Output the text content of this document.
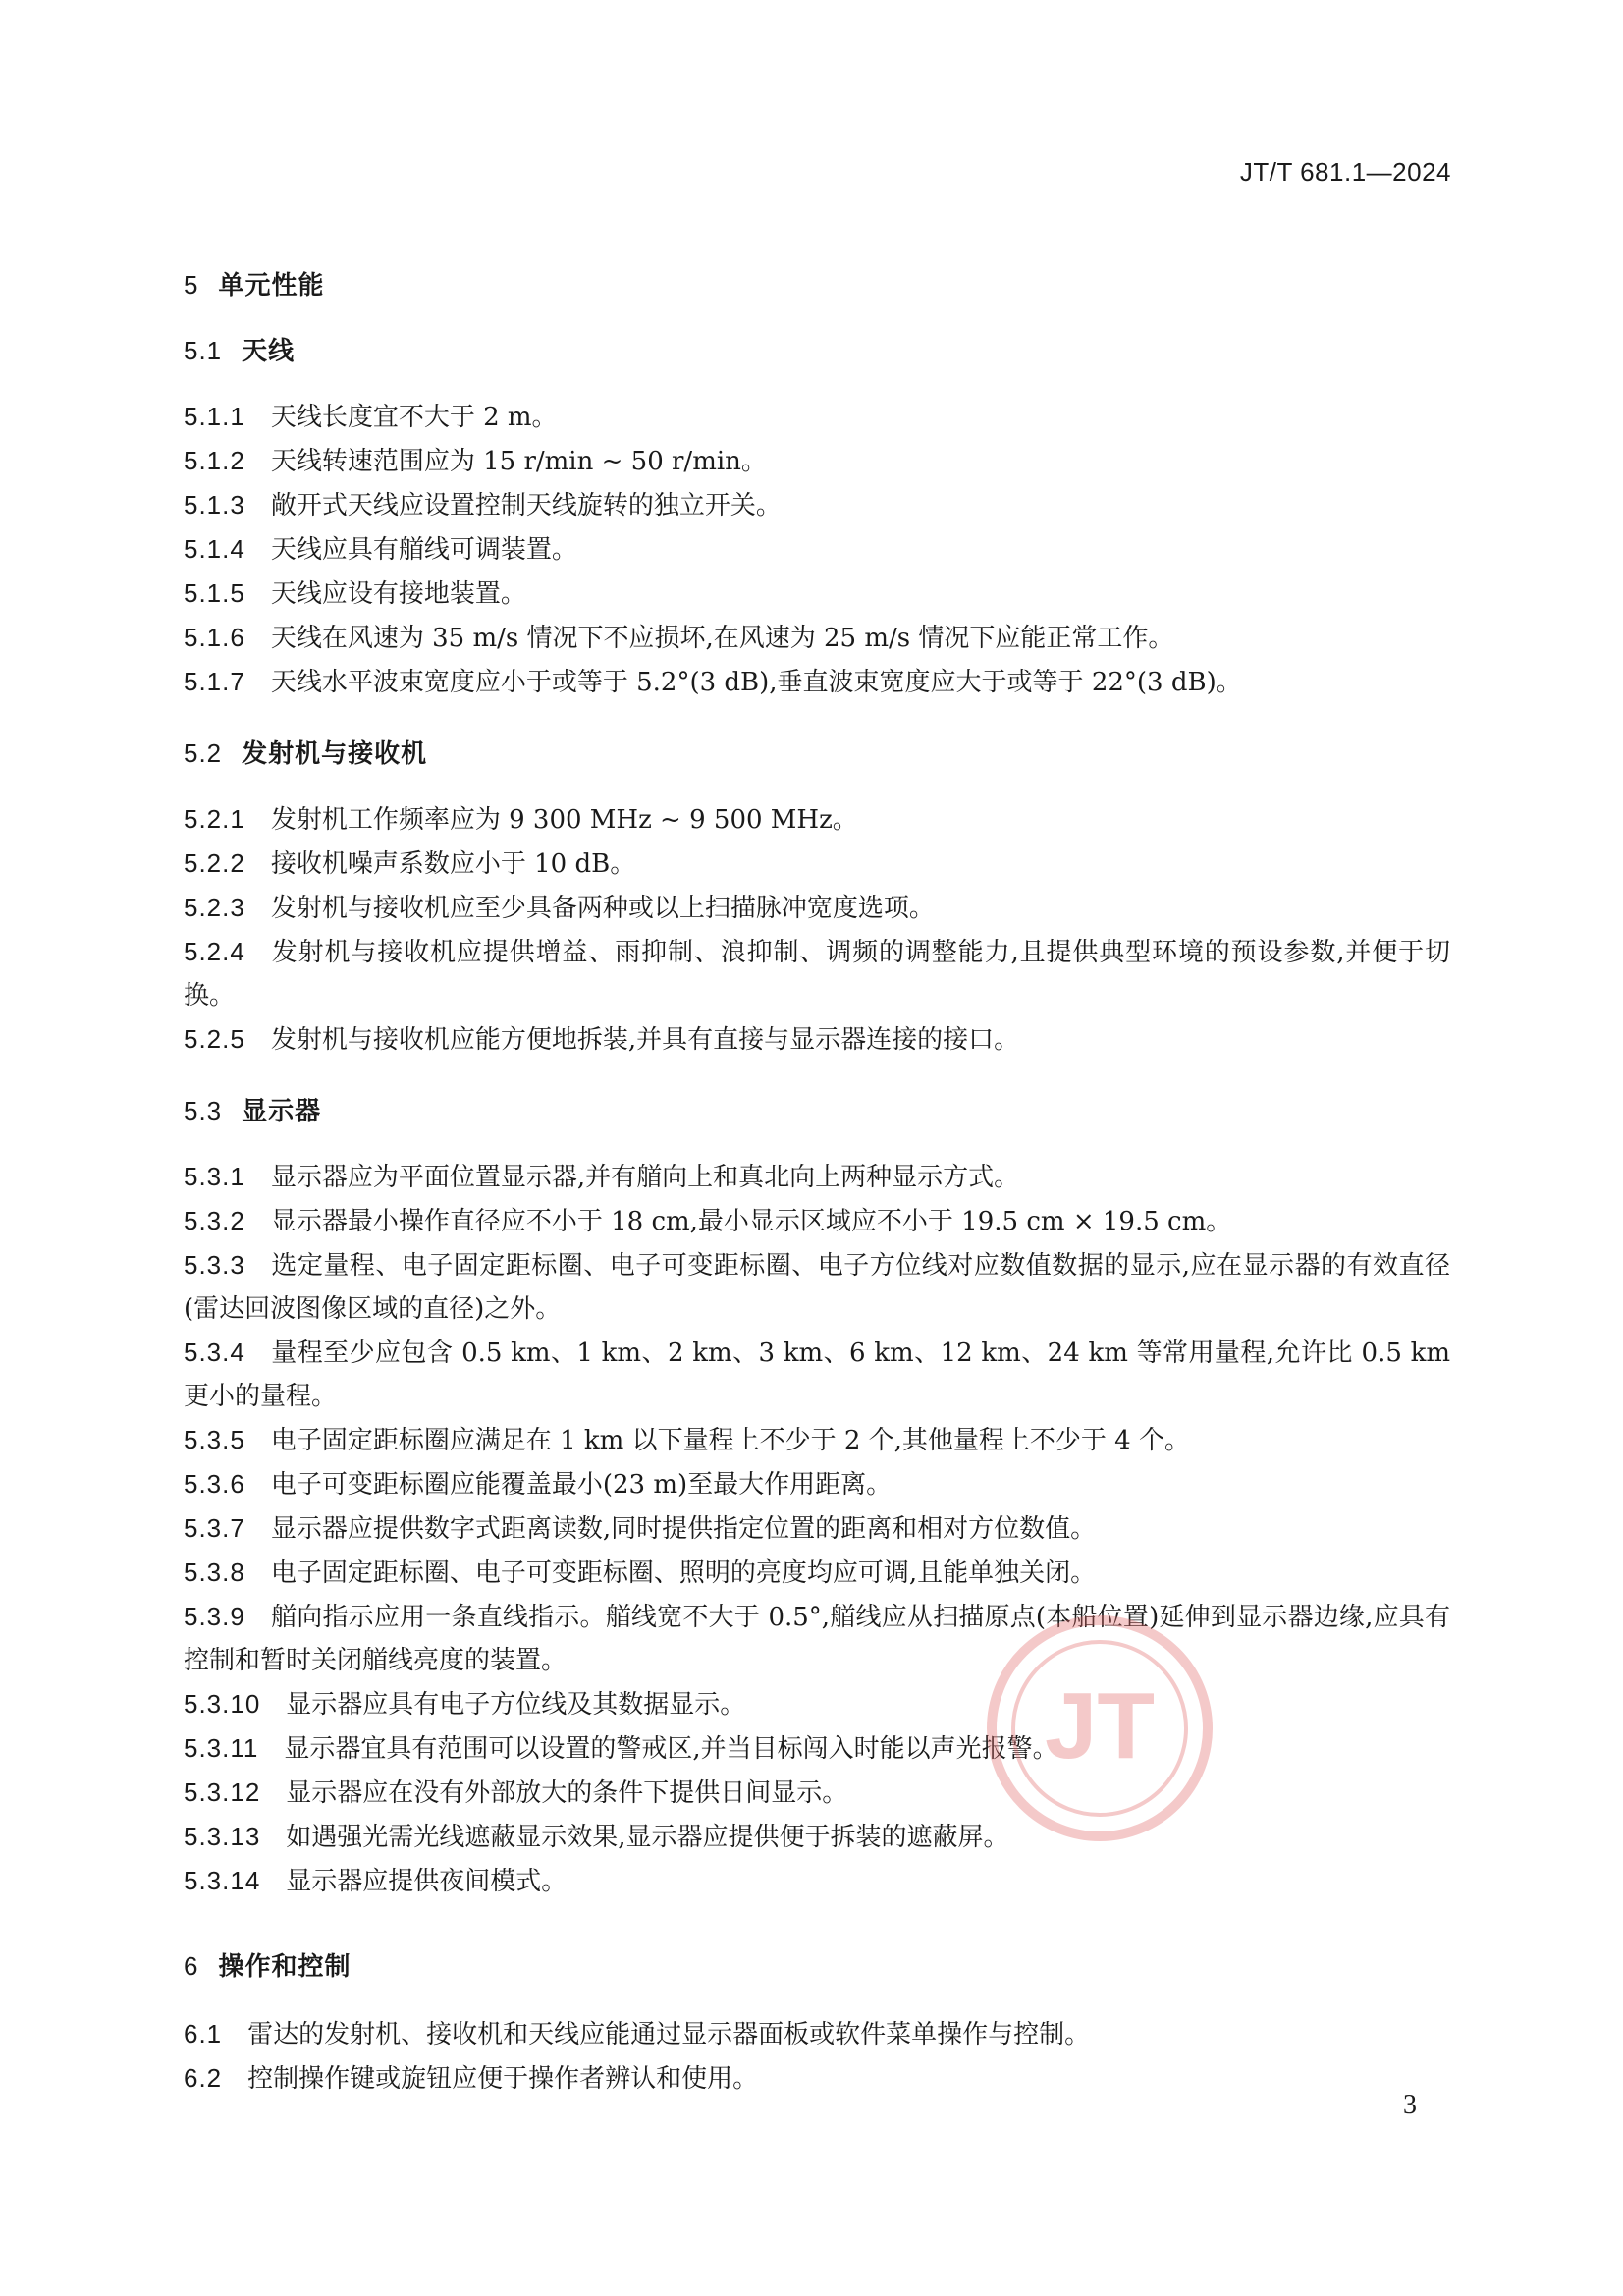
JT/T 681.1—2024
5 单元性能
5.1 天线
5.1.1 天线长度宜不大于 2 m。
5.1.2 天线转速范围应为 15 r/min ~ 50 r/min。
5.1.3 敞开式天线应设置控制天线旋转的独立开关。
5.1.4 天线应具有艏线可调装置。
5.1.5 天线应设有接地装置。
5.1.6 天线在风速为 35 m/s 情况下不应损坏,在风速为 25 m/s 情况下应能正常工作。
5.1.7 天线水平波束宽度应小于或等于 5.2°(3 dB),垂直波束宽度应大于或等于 22°(3 dB)。
5.2 发射机与接收机
5.2.1 发射机工作频率应为 9 300 MHz ~ 9 500 MHz。
5.2.2 接收机噪声系数应小于 10 dB。
5.2.3 发射机与接收机应至少具备两种或以上扫描脉冲宽度选项。
5.2.4 发射机与接收机应提供增益、雨抑制、浪抑制、调频的调整能力,且提供典型环境的预设参数,并便于切换。
5.2.5 发射机与接收机应能方便地拆装,并具有直接与显示器连接的接口。
5.3 显示器
5.3.1 显示器应为平面位置显示器,并有艏向上和真北向上两种显示方式。
5.3.2 显示器最小操作直径应不小于 18 cm,最小显示区域应不小于 19.5 cm × 19.5 cm。
5.3.3 选定量程、电子固定距标圈、电子可变距标圈、电子方位线对应数值数据的显示,应在显示器的有效直径(雷达回波图像区域的直径)之外。
5.3.4 量程至少应包含 0.5 km、1 km、2 km、3 km、6 km、12 km、24 km 等常用量程,允许比 0.5 km 更小的量程。
5.3.5 电子固定距标圈应满足在 1 km 以下量程上不少于 2 个,其他量程上不少于 4 个。
5.3.6 电子可变距标圈应能覆盖最小(23 m)至最大作用距离。
5.3.7 显示器应提供数字式距离读数,同时提供指定位置的距离和相对方位数值。
5.3.8 电子固定距标圈、电子可变距标圈、照明的亮度均应可调,且能单独关闭。
5.3.9 艏向指示应用一条直线指示。艏线宽不大于 0.5°,艏线应从扫描原点(本船位置)延伸到显示器边缘,应具有控制和暂时关闭艏线亮度的装置。
5.3.10 显示器应具有电子方位线及其数据显示。
5.3.11 显示器宜具有范围可以设置的警戒区,并当目标闯入时能以声光报警。
5.3.12 显示器应在没有外部放大的条件下提供日间显示。
5.3.13 如遇强光需光线遮蔽显示效果,显示器应提供便于拆装的遮蔽屏。
5.3.14 显示器应提供夜间模式。
6 操作和控制
6.1 雷达的发射机、接收机和天线应能通过显示器面板或软件菜单操作与控制。
6.2 控制操作键或旋钮应便于操作者辨认和使用。
JT
3
